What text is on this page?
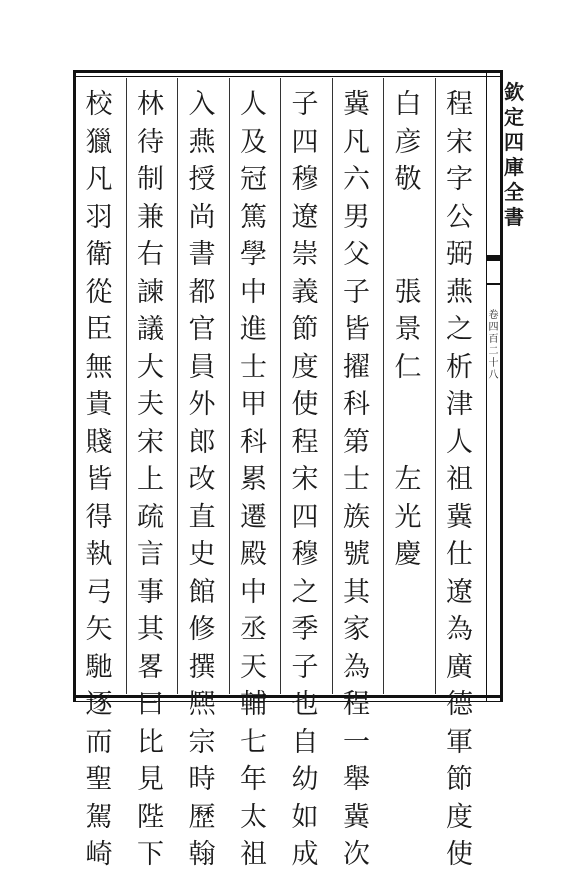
欽
定
四
庫
全
書
卷
四
百
二
十
八
程
宋
字
公
弼
燕
之
析
津
人
祖
冀
仕
遼
為
廣
德
軍
節
度
使
白
彦
敬

張
景
仁

左
光
慶
冀
凡
六
男
父
子
皆
擢
科
第
士
族
號
其
家
為
程
一
舉
冀
次
子
四
穆
遼
崇
義
節
度
使
程
宋
四
穆
之
季
子
也
自
幼
如
成
人
及
冠
篤
學
中
進
士
甲
科
累
遷
殿
中
丞
天
輔
七
年
太
祖
入
燕
授
尚
書
都
官
員
外
郎
改
直
史
館
修
撰
熈
宗
時
歷
翰
林
待
制
兼
右
諫
議
大
夫
宋
上
疏
言
事
其
畧
曰
比
見
陛
下
校
獵
凡
羽
衛
從
臣
無
貴
賤
皆
得
執
弓
矢
馳
逐
而
聖
駕
崎
